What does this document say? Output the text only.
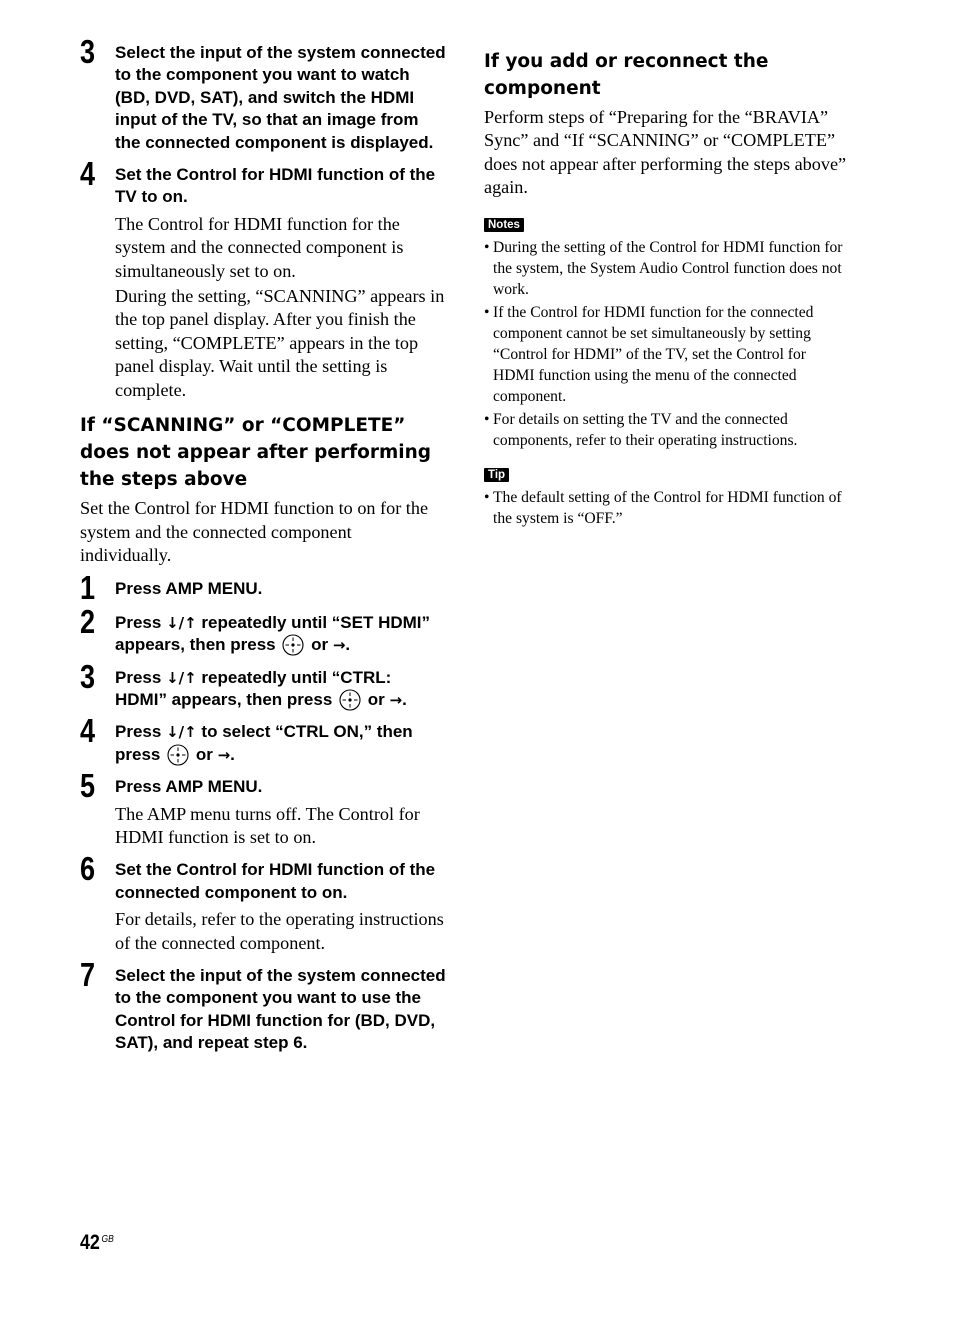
3 Select the input of the system connected to the component you want to watch (BD, DVD, SAT), and switch the HDMI input of the TV, so that an image from the connected component is displayed.
4 Set the Control for HDMI function of the TV to on.
The Control for HDMI function for the system and the connected component is simultaneously set to on.
During the setting, “SCANNING” appears in the top panel display. After you finish the setting, “COMPLETE” appears in the top panel display. Wait until the setting is complete.
If “SCANNING” or “COMPLETE” does not appear after performing the steps above
Set the Control for HDMI function to on for the system and the connected component individually.
1 Press AMP MENU.
2 Press ↓/↑ repeatedly until “SET HDMI” appears, then press or →.
3 Press ↓/↑ repeatedly until “CTRL: HDMI” appears, then press or →.
4 Press ↓/↑ to select “CTRL ON,” then press or →.
5 Press AMP MENU.
The AMP menu turns off. The Control for HDMI function is set to on.
6 Set the Control for HDMI function of the connected component to on.
For details, refer to the operating instructions of the connected component.
7 Select the input of the system connected to the component you want to use the Control for HDMI function for (BD, DVD, SAT), and repeat step 6.
If you add or reconnect the component
Perform steps of “Preparing for the “BRAVIA” Sync” and “If “SCANNING” or “COMPLETE” does not appear after performing the steps above” again.
Notes
• During the setting of the Control for HDMI function for the system, the System Audio Control function does not work.
• If the Control for HDMI function for the connected component cannot be set simultaneously by setting “Control for HDMI” of the TV, set the Control for HDMI function using the menu of the connected component.
• For details on setting the TV and the connected components, refer to their operating instructions.
Tip
• The default setting of the Control for HDMI function of the system is “OFF.”
42 $^{GB}$
